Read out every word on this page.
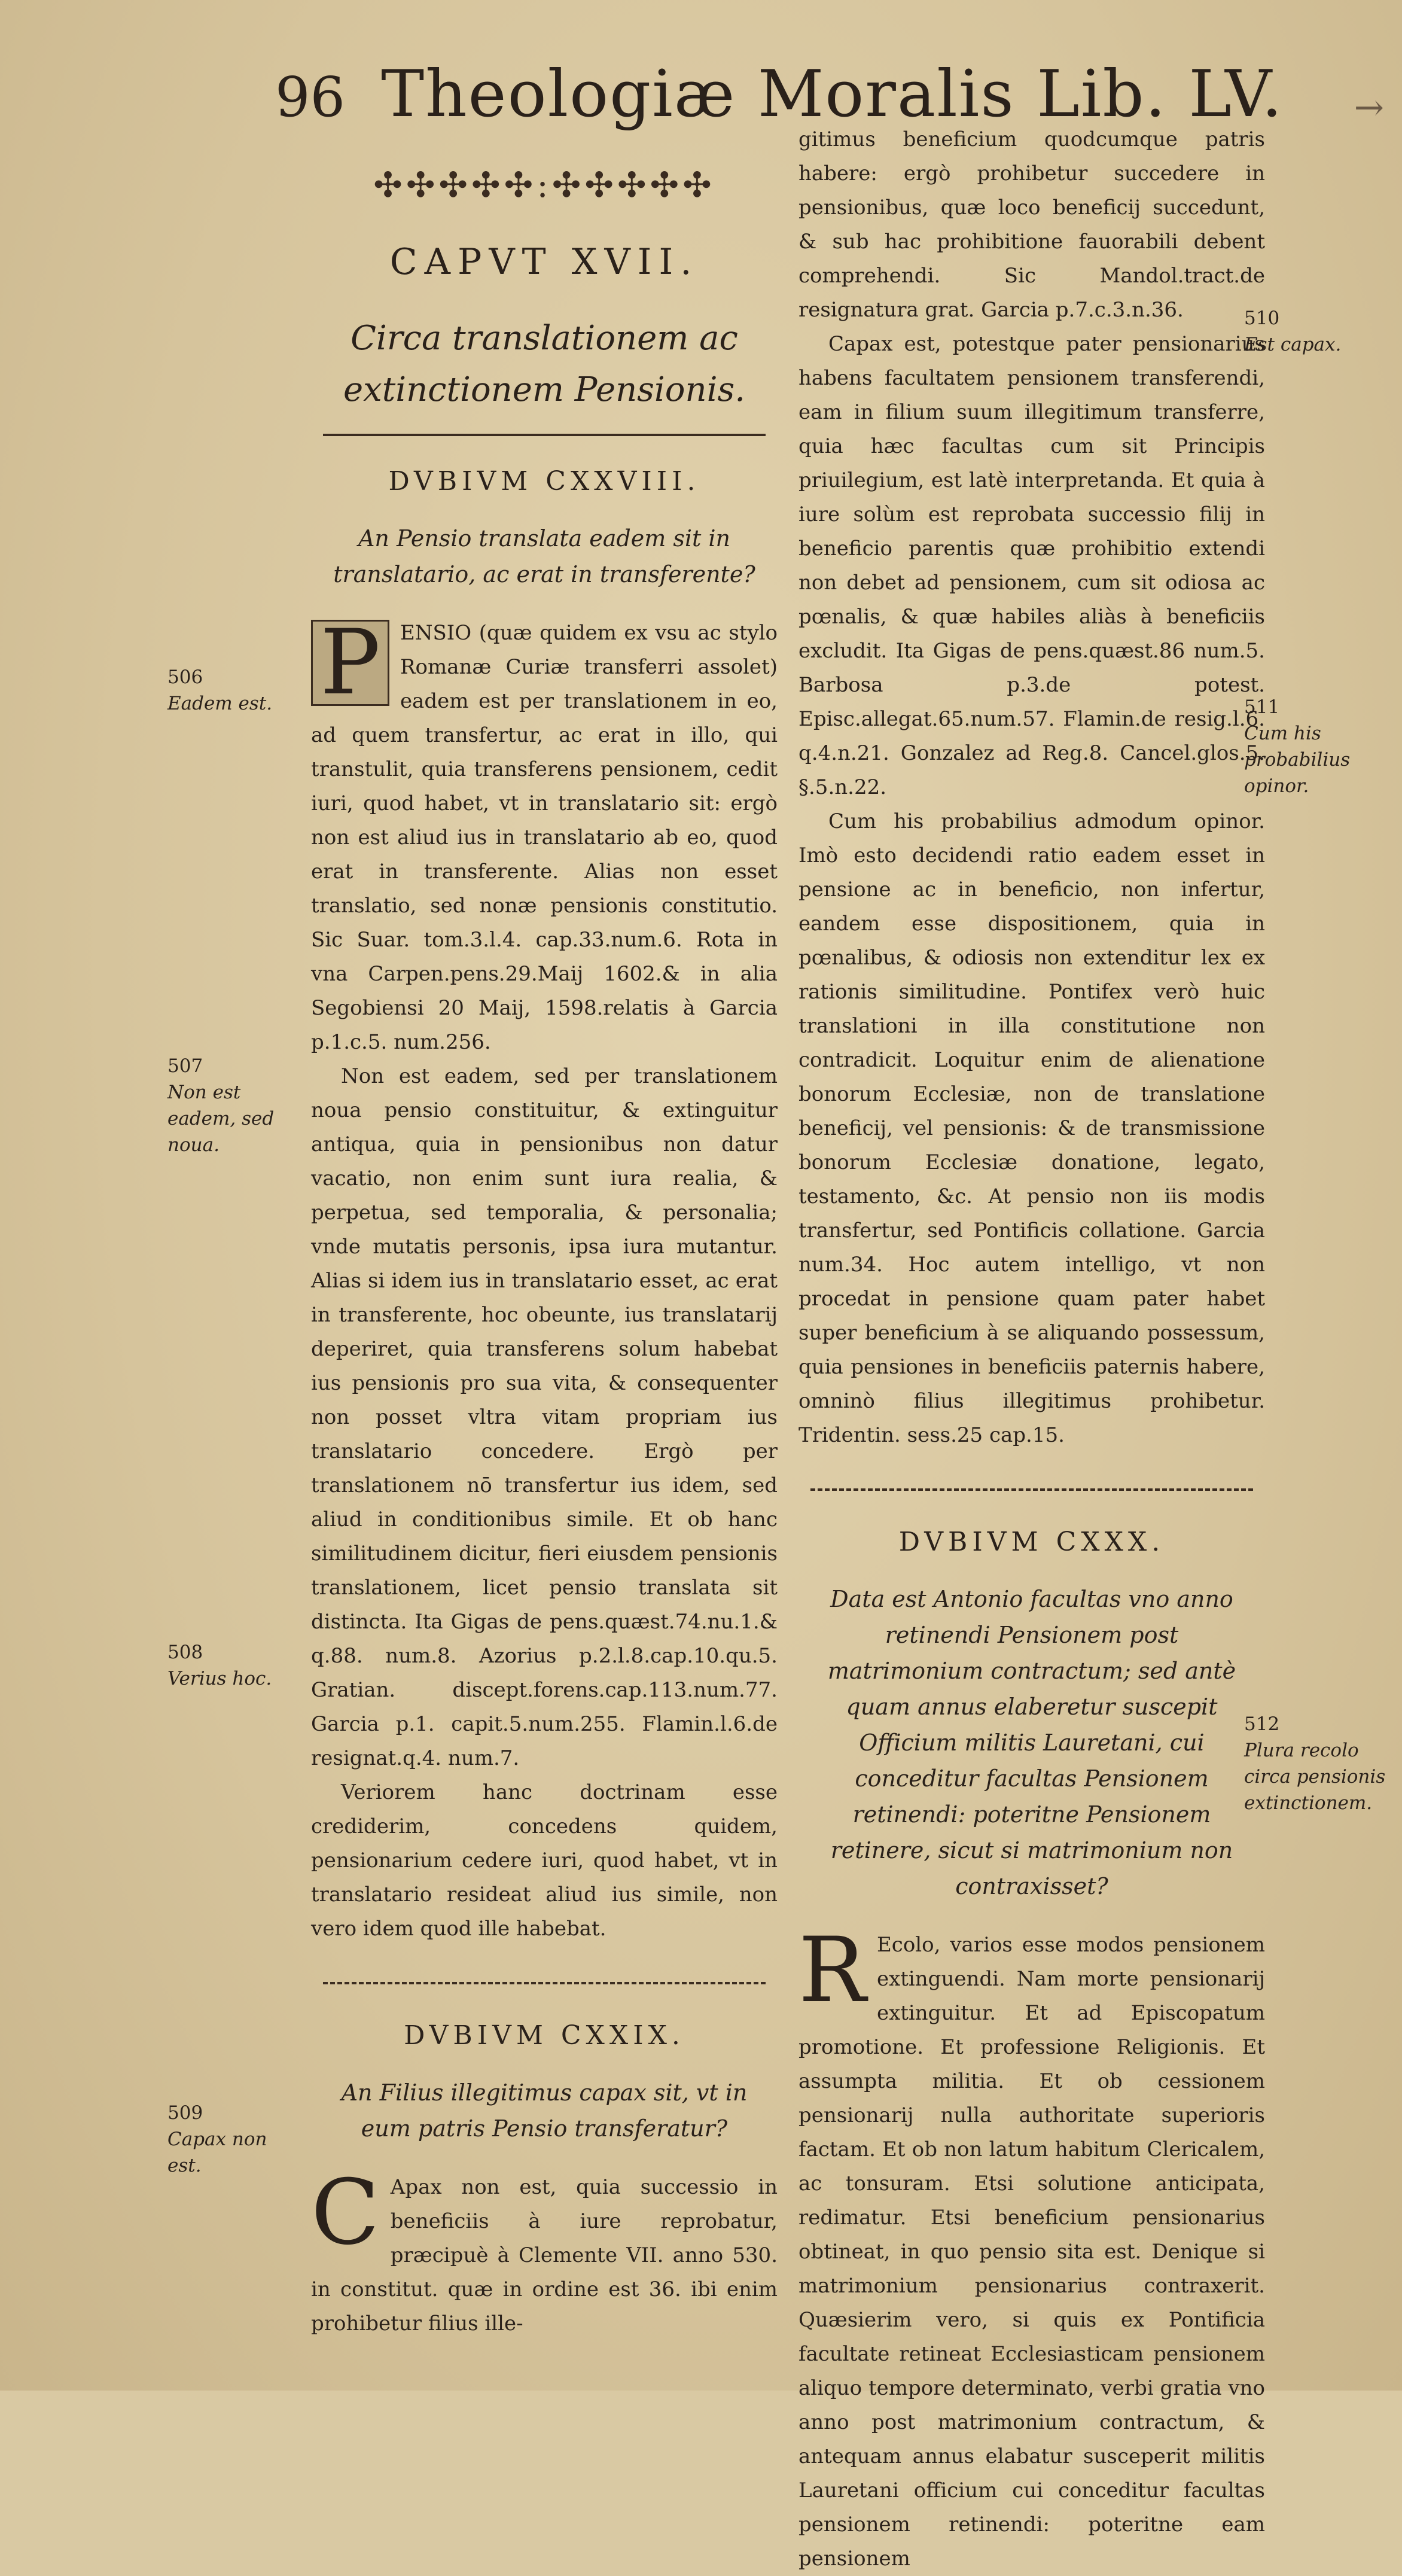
96 Theologiæ Moralis Lib. LV. →
✣✣✣✣✣:✣✣✣✣✣
CAPVT XVII.
Circa translationem ac extinctionem Pensionis.
DVBIVM CXXVIII.
An Pensio translata eadem sit in translatario, ac erat in transferente?

P ENSIO (quæ quidem ex vsu ac stylo Romanæ Curiæ transferri assolet) eadem est per translationem in eo, ad quem transfertur, ac erat in illo, qui transtulit, quia transferens pensionem, cedit iuri, quod habet, vt in translatario sit: ergò non est aliud ius in translatario ab eo, quod erat in transferente. Alias non esset translatio, sed nonæ pensionis constitutio. Sic Suar. tom.3.l.4. cap.33.num.6. Rota in vna Carpen.pens.29.Maij 1602.& in alia Segobiensi 20 Maij, 1598.relatis à Garcia p.1.c.5. num.256.

Non est eadem, sed per translationem noua pensio constituitur, & extinguitur antiqua, quia in pensionibus non datur vacatio, non enim sunt iura realia, & perpetua, sed temporalia, & personalia; vnde mutatis personis, ipsa iura mutantur. Alias si idem ius in translatario esset, ac erat in transferente, hoc obeunte, ius translatarij deperiret, quia transferens solum habebat ius pensionis pro sua vita, & consequenter non posset vltra vitam propriam ius translatario concedere. Ergò per translationem nō transfertur ius idem, sed aliud in conditionibus simile. Et ob hanc similitudinem dicitur, fieri eiusdem pensionis translationem, licet pensio translata sit distincta. Ita Gigas de pens.quæst.74.nu.1.& q.88. num.8. Azorius p.2.l.8.cap.10.qu.5. Gratian. discept.forens.cap.113.num.77. Garcia p.1. capit.5.num.255. Flamin.l.6.de resignat.q.4. num.7.

Veriorem hanc doctrinam esse crediderim, concedens quidem, pensionarium cedere iuri, quod habet, vt in translatario resideat aliud ius simile, non vero idem quod ille habebat.

DVBIVM CXXIX.
An Filius illegitimus capax sit, vt in eum patris Pensio transferatur?

C Apax non est, quia successio in beneficiis à iure reprobatur, præcipuè à Clemente VII. anno 530. in constitut. quæ in ordine est 36. ibi enim prohibetur filius ille-

gitimus beneficium quodcumque patris habere: ergò prohibetur succedere in pensionibus, quæ loco beneficij succedunt, & sub hac prohibitione fauorabili debent comprehendi. Sic Mandol.tract.de resignatura grat. Garcia p.7.c.3.n.36.

Capax est, potestque pater pensionarius habens facultatem pensionem transferendi, eam in filium suum illegitimum transferre, quia hæc facultas cum sit Principis priuilegium, est latè interpretanda. Et quia à iure solùm est reprobata successio filij in beneficio parentis quæ prohibitio extendi non debet ad pensionem, cum sit odiosa ac pœnalis, & quæ habiles aliàs à beneficiis excludit. Ita Gigas de pens.quæst.86 num.5. Barbosa p.3.de potest. Episc.allegat.65.num.57. Flamin.de resig.l.6. q.4.n.21. Gonzalez ad Reg.8. Cancel.glos.5. §.5.n.22.

Cum his probabilius admodum opinor. Imò esto decidendi ratio eadem esset in pensione ac in beneficio, non infertur, eandem esse dispositionem, quia in pœnalibus, & odiosis non extenditur lex ex rationis similitudine. Pontifex verò huic translationi in illa constitutione non contradicit. Loquitur enim de alienatione bonorum Ecclesiæ, non de translatione beneficij, vel pensionis: & de transmissione bonorum Ecclesiæ donatione, legato, testamento, &c. At pensio non iis modis transfertur, sed Pontificis collatione. Garcia num.34. Hoc autem intelligo, vt non procedat in pensione quam pater habet super beneficium à se aliquando possessum, quia pensiones in beneficiis paternis habere, omninò filius illegitimus prohibetur. Tridentin. sess.25 cap.15.

DVBIVM CXXX.
Data est Antonio facultas vno anno retinendi Pensionem post matrimonium contractum; sed antè quam annus elaberetur suscepit Officium militis Lauretani, cui conceditur facultas Pensionem retinendi: poteritne Pensionem retinere, sicut si matrimonium non contraxisset?

R Ecolo, varios esse modos pensionem extinguendi. Nam morte pensionarij extinguitur. Et ad Episcopatum promotione. Et professione Religionis. Et assumpta militia. Et ob cessionem pensionarij nulla authoritate superioris factam. Et ob non latum habitum Clericalem, ac tonsuram. Etsi solutione anticipata, redimatur. Etsi beneficium pensionarius obtineat, in quo pensio sita est. Denique si matrimonium pensionarius contraxerit. Quæsierim vero, si quis ex Pontificia facultate retineat Ecclesiasticam pensionem aliquo tempore determinato, verbi gratia vno anno post matrimonium contractum, & antequam annus elabatur susceperit militis Lauretani officium cui conceditur facultas pensionem retinendi: poteritne eam pensionem

506
Eadem est.
507
Non est eadem, sed noua.
508
Verius hoc.
509
Capax non est.
510
Est capax.
511
Cum his probabilius opinor.
512
Plura recolo circa pensionis extinctionem.
